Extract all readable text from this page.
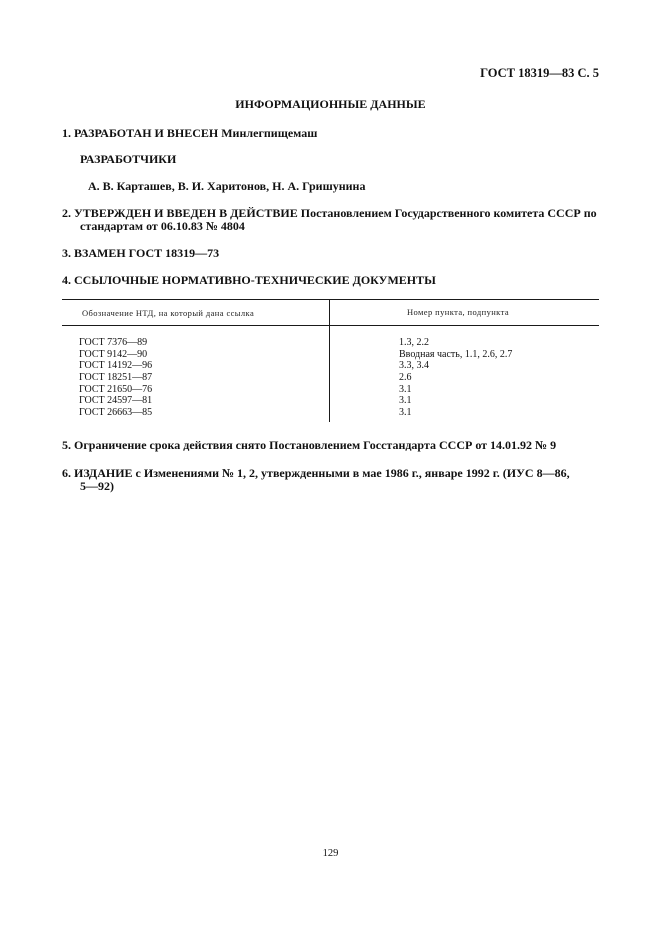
ГОСТ 18319—83 С. 5
ИНФОРМАЦИОННЫЕ ДАННЫЕ
1. РАЗРАБОТАН И ВНЕСЕН Минлегпищемаш
РАЗРАБОТЧИКИ
А. В. Карташев, В. И. Харитонов, Н. А. Гришунина
2. УТВЕРЖДЕН И ВВЕДЕН В ДЕЙСТВИЕ Постановлением Государственного комитета СССР по
стандартам от 06.10.83 № 4804
3. ВЗАМЕН ГОСТ 18319—73
4. ССЫЛОЧНЫЕ НОРМАТИВНО-ТЕХНИЧЕСКИЕ ДОКУМЕНТЫ
Обозначение НТД, на который дана ссылка	Номер пункта, подпункта
ГОСТ 7376—89	1.3, 2.2
ГОСТ 9142—90	Вводная часть, 1.1, 2.6, 2.7
ГОСТ 14192—96	3.3, 3.4
ГОСТ 18251—87	2.6
ГОСТ 21650—76	3.1
ГОСТ 24597—81	3.1
ГОСТ 26663—85	3.1
5. Ограничение срока действия снято Постановлением Госстандарта СССР от 14.01.92 № 9
6. ИЗДАНИЕ с Изменениями № 1, 2, утвержденными в мае 1986 г., январе 1992 г. (ИУС 8—86,
5—92)
129
